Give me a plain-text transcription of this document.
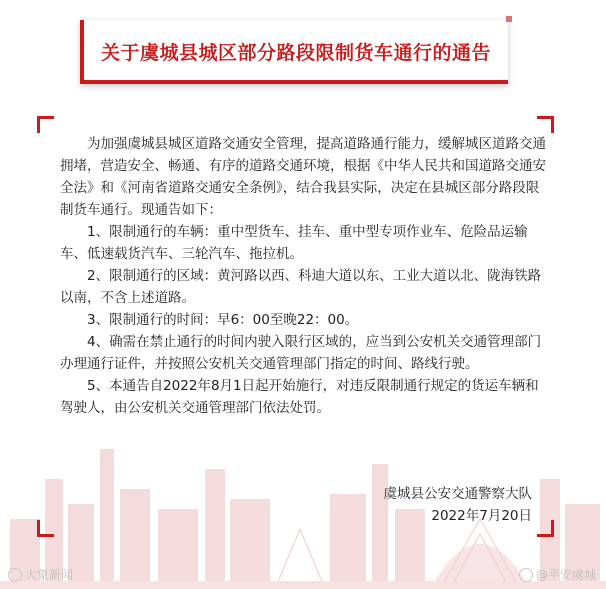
关于虞城县城区部分路段限制货车通行的通告

为加强虞城县城区道路交通安全管理，提高道路通行能力，缓解城区道路交通拥堵，营造安全、畅通、有序的道路交通环境，根据《中华人民共和国道路交通安全法》和《河南省道路交通安全条例》，结合我县实际，决定在县城区部分路段限制货车通行。现通告如下：

1、限制通行的车辆：重中型货车、挂车、重中型专项作业车、危险品运输车、低速载货汽车、三轮汽车、拖拉机。

2、限制通行的区域：黄河路以西、科迪大道以东、工业大道以北、陇海铁路以南，不含上述道路。

3、限制通行的时间：早6：00至晚22：00。

4、确需在禁止通行的时间内驶入限行区域的，应当到公安机关交通管理部门办理通行证件，并按照公安机关交通管理部门指定的时间、路线行驶。

5、本通告自2022年8月1日起开始施行，对违反限制通行规定的货运车辆和驾驶人，由公安机关交通管理部门依法处罚。

虞城县公安交通警察大队
2022年7月20日
大象新闻	@平安虞城
